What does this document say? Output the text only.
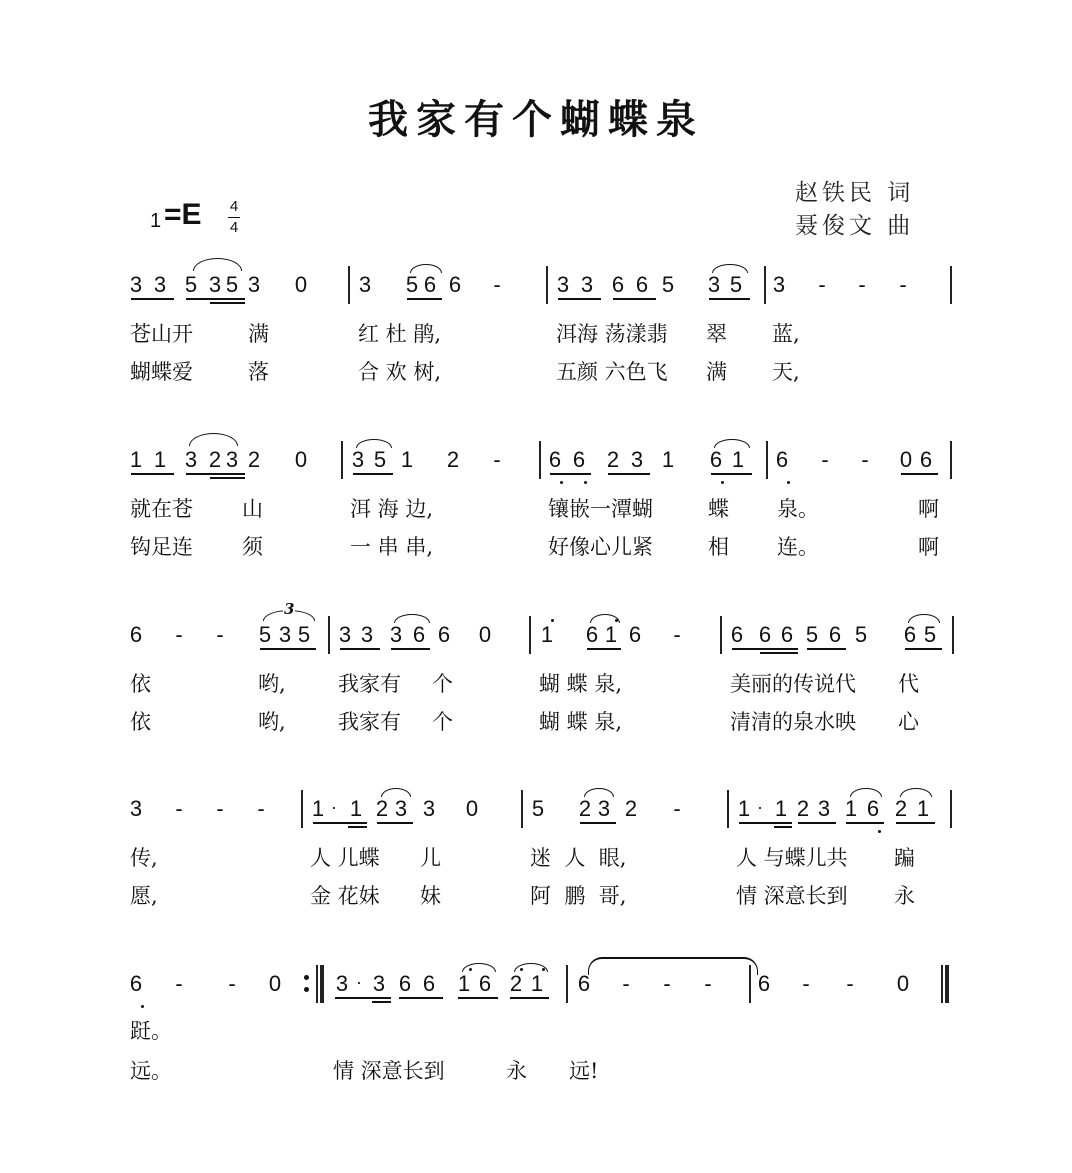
我家有个蝴蝶泉
赵铁民 词
聂俊文 曲
1 =E 4
4
3 3 5 3 5 3 0 3 5 6 6 -	3 3 6 6 5 3 5 3 - - -
苍山开	满	红 杜 鹃,	洱海 荡漾翡 翠 蓝,
蝴蝶爱	落	合 欢 树,	五颜 六色飞 满 天,
1 1 3 2 3 2 0 3 5 1 2 - 6 6 2 3 1 6 1 6 - - 0 6
就在苍 山	洱 海 边,	镶嵌一潭蝴	蝶 泉。	啊
钩足连 须	一 串 串,	好像心儿紧	相 连。	啊
6 - - 5 3 5 3 3 3 6 6 0 1 6 1 6 - 6 6 6 5 6 5 6 5
3
依	哟, 我家有 个	蝴 蝶 泉,	美丽的传说代 代
依	哟, 我家有 个	蝴 蝶 泉,	清清的泉水映 心
3 - - - 1 1 2 3 3 0 5 2 3 2 -	1 1 2 3 1 6 2 1
·	·
传,	人 儿蝶 儿	迷  人  眼,	人 与蝶儿共 蹁
愿,	金 花妹 妹	阿  鹏  哥,	情 深意长到 永
6 - - 0 3 3 6 6 1 6 2 1 6 - - - 6 - - 0
·
跹。
远。	情 深意长到	永 远!
